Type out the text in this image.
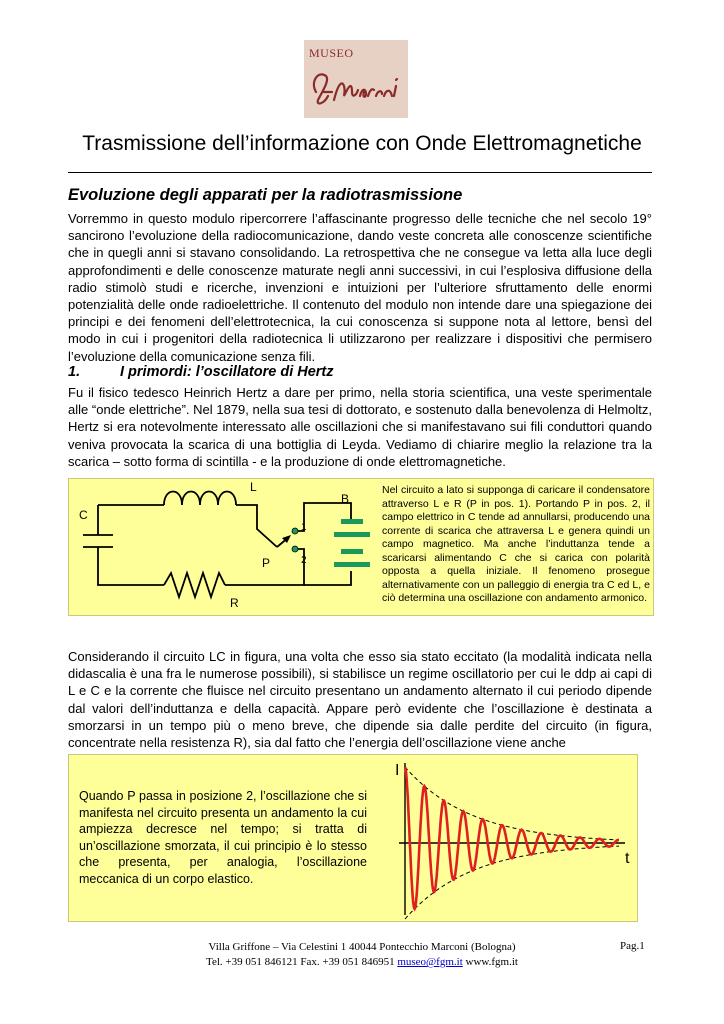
MUSEO
Trasmissione dell’informazione con Onde Elettromagnetiche
Evoluzione degli apparati per la radiotrasmissione
Vorremmo in questo modulo ripercorrere l’affascinante progresso delle tecniche che nel secolo 19° sancirono l’evoluzione della radiocomunicazione, dando veste concreta alle conoscenze scientifiche che in quegli anni si stavano consolidando. La retrospettiva che ne consegue va letta alla luce degli approfondimenti e delle conoscenze maturate negli anni successivi, in cui l’esplosiva diffusione della radio stimolò studi e ricerche, invenzioni e intuizioni per l’ulteriore sfruttamento delle enormi potenzialità delle onde radioelettriche. Il contenuto del modulo non intende dare una spiegazione dei principi e dei fenomeni dell’elettrotecnica, la cui conoscenza si suppone nota al lettore, bensì del modo in cui i progenitori della radiotecnica li utilizzarono per realizzare i dispositivi che permisero l’evoluzione della comunicazione senza fili.
1.	I primordi: l’oscillatore di Hertz
Fu il fisico tedesco Heinrich Hertz a dare per primo, nella storia scientifica, una veste sperimentale alle “onde elettriche”. Nel 1879, nella sua tesi di dottorato, e sostenuto dalla benevolenza di Helmoltz, Hertz si era notevolmente interessato alle oscillazioni che si manifestavano sui fili conduttori quando veniva provocata la scarica di una bottiglia di Leyda. Vediamo di chiarire meglio la relazione tra la scarica – sotto forma di scintilla - e la produzione di onde elettromagnetiche.
L
C
B
P
R
1
2
Nel circuito a lato si supponga di caricare il condensatore attraverso L e R (P in pos. 1). Portando P in pos. 2, il campo elettrico in C tende ad annullarsi, producendo una corrente di scarica che attraversa L e genera quindi un campo magnetico. Ma anche l’induttanza tende a scaricarsi alimentando C che si carica con polarità opposta a quella iniziale. Il fenomeno prosegue alternativamente con un palleggio di energia tra C ed L, e ciò determina una oscillazione con andamento armonico.
Considerando il circuito LC in figura, una volta che esso sia stato eccitato (la modalità indicata nella didascalia è una fra le numerose possibili), si stabilisce un regime oscillatorio per cui le ddp ai capi di L e C e la corrente che fluisce nel circuito presentano un andamento alternato il cui periodo dipende dal valori dell’induttanza e della capacità. Appare però evidente che l’oscillazione è destinata a smorzarsi in un tempo più o meno breve, che dipende sia dalle perdite del circuito (in figura, concentrate nella resistenza R), sia dal fatto che l’energia dell’oscillazione viene anche
Quando P passa in posizione 2, l’oscillazione che si manifesta nel circuito presenta un andamento la cui ampiezza decresce nel tempo; si tratta di un’oscillazione smorzata, il cui principio è lo stesso che presenta, per analogia, l’oscillazione meccanica di un corpo elastico.
I
t
Villa Griffone – Via Celestini 1 40044 Pontecchio Marconi (Bologna)
Tel. +39 051 846121 Fax. +39 051 846951 museo@fgm.it www.fgm.it
Pag.1
